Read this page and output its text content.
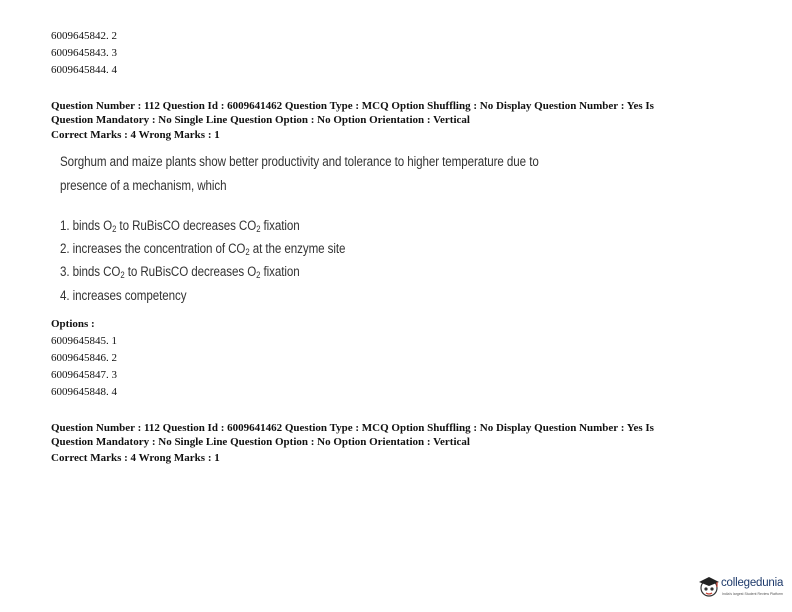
6009645842. 2
6009645843. 3
6009645844. 4
Question Number : 112 Question Id : 6009641462 Question Type : MCQ Option Shuffling : No Display Question Number : Yes Is
Question Mandatory : No Single Line Question Option : No Option Orientation : Vertical
Correct Marks : 4 Wrong Marks : 1
Sorghum and maize plants show better productivity and tolerance to higher temperature due to
presence of a mechanism, which
1. binds $O_2$ to RuBisCO decreases $CO_2$ fixation
2. increases the concentration of $CO_2$ at the enzyme site
3. binds $CO_2$ to RuBisCO decreases $O_2$ fixation
4. increases competency
Options :
6009645845. 1
6009645846. 2
6009645847. 3
6009645848. 4
Question Number : 112 Question Id : 6009641462 Question Type : MCQ Option Shuffling : No Display Question Number : Yes Is
Question Mandatory : No Single Line Question Option : No Option Orientation : Vertical
Correct Marks : 4 Wrong Marks : 1
collegedunia
India's largest Student Review Platform
